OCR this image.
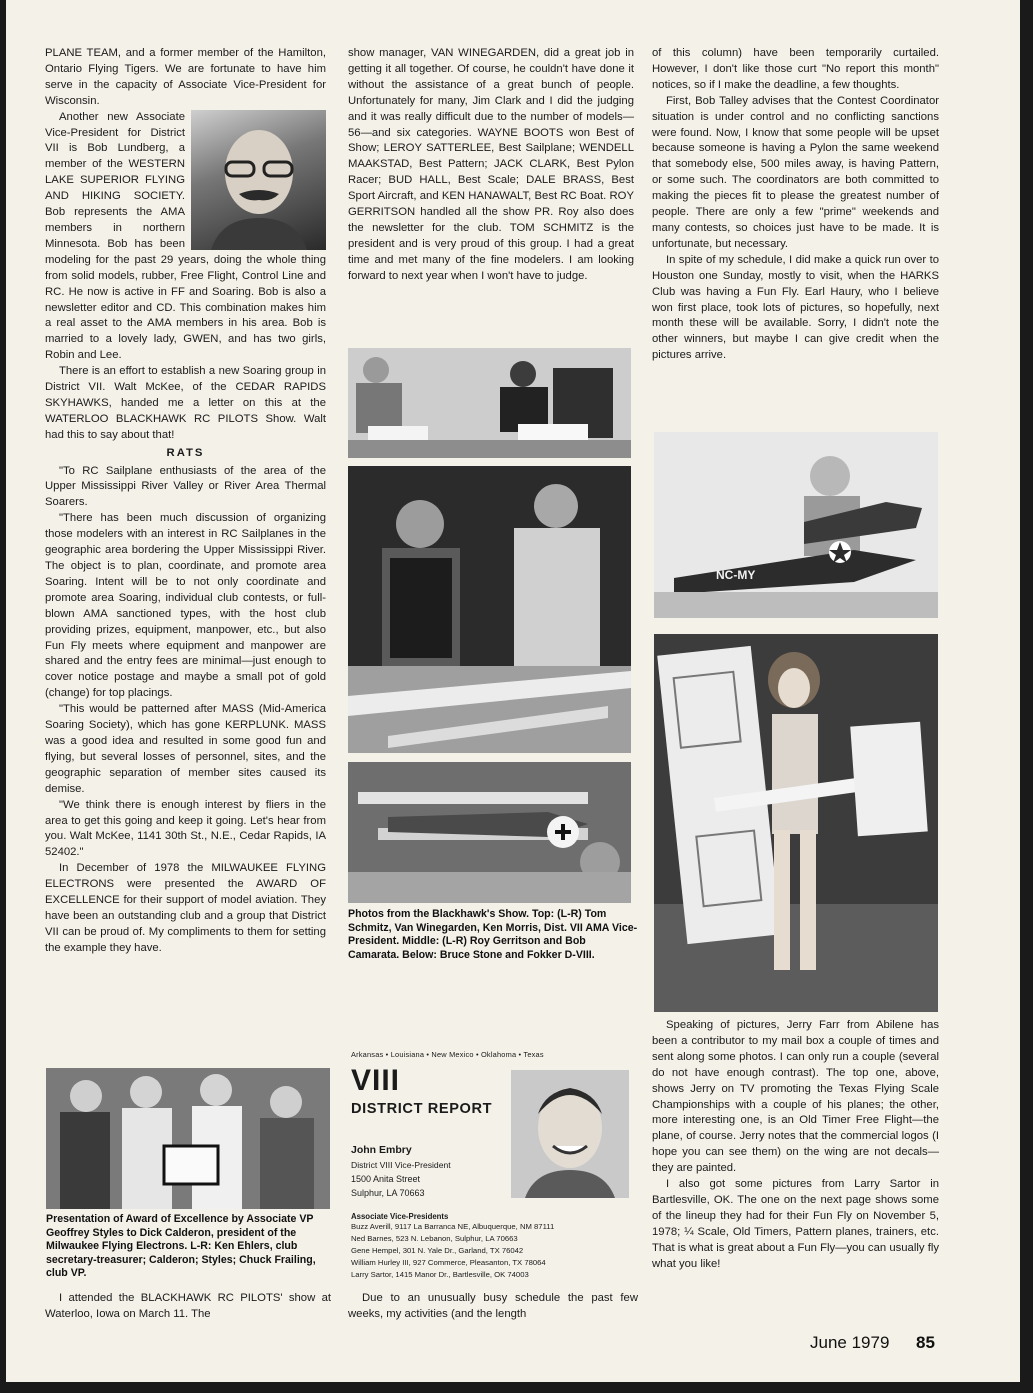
PLANE TEAM, and a former member of the Hamilton, Ontario Flying Tigers. We are fortunate to have him serve in the capacity of Associate Vice-President for Wisconsin.

Another new Associate Vice-President for District VII is Bob Lundberg, a member of the WESTERN LAKE SUPERIOR FLYING AND HIKING SOCIETY. Bob represents the AMA members in northern Minnesota. Bob has been modeling for the past 29 years, doing the whole thing from solid models, rubber, Free Flight, Control Line and RC. He now is active in FF and Soaring. Bob is also a newsletter editor and CD. This combination makes him a real asset to the AMA members in his area. Bob is married to a lovely lady, GWEN, and has two girls, Robin and Lee.

There is an effort to establish a new Soaring group in District VII. Walt McKee, of the CEDAR RAPIDS SKYHAWKS, handed me a letter on this at the WATERLOO BLACKHAWK RC PILOTS Show. Walt had this to say about that!

RATS

"To RC Sailplane enthusiasts of the area of the Upper Mississippi River Valley or River Area Thermal Soarers.

"There has been much discussion of organizing those modelers with an interest in RC Sailplanes in the geographic area bordering the Upper Mississippi River. The object is to plan, coordinate, and promote area Soaring. Intent will be to not only coordinate and promote area Soaring, individual club contests, or full-blown AMA sanctioned types, with the host club providing prizes, equipment, manpower, etc., but also Fun Fly meets where equipment and manpower are shared and the entry fees are minimal—just enough to cover notice postage and maybe a small pot of gold (change) for top placings.

"This would be patterned after MASS (Mid-America Soaring Society), which has gone KERPLUNK. MASS was a good idea and resulted in some good fun and flying, but several losses of personnel, sites, and the geographic separation of member sites caused its demise.

"We think there is enough interest by fliers in the area to get this going and keep it going. Let's hear from you. Walt McKee, 1141 30th St., N.E., Cedar Rapids, IA 52402."

In December of 1978 the MILWAUKEE FLYING ELECTRONS were presented the AWARD OF EXCELLENCE for their support of model aviation. They have been an outstanding club and a group that District VII can be proud of. My compliments to them for setting the example they have.

Presentation of Award of Excellence by Associate VP Geoffrey Styles to Dick Calderon, president of the Milwaukee Flying Electrons. L-R: Ken Ehlers, club secretary-treasurer; Calderon; Styles; Chuck Frailing, club VP.

I attended the BLACKHAWK RC PILOTS' show at Waterloo, Iowa on March 11. The

show manager, VAN WINEGARDEN, did a great job in getting it all together. Of course, he couldn't have done it without the assistance of a great bunch of people. Unfortunately for many, Jim Clark and I did the judging and it was really difficult due to the number of models—56—and six categories. WAYNE BOOTS won Best of Show; LEROY SATTERLEE, Best Sailplane; WENDELL MAAKSTAD, Best Pattern; JACK CLARK, Best Pylon Racer; BUD HALL, Best Scale; DALE BRASS, Best Sport Aircraft, and KEN HANAWALT, Best RC Boat. ROY GERRITSON handled all the show PR. Roy also does the newsletter for the club. TOM SCHMITZ is the president and is very proud of this group. I had a great time and met many of the fine modelers. I am looking forward to next year when I won't have to judge.

Photos from the Blackhawk's Show. Top: (L-R) Tom Schmitz, Van Winegarden, Ken Morris, Dist. VII AMA Vice-President. Middle: (L-R) Roy Gerritson and Bob Camarata. Below: Bruce Stone and Fokker D-VIII.
Arkansas • Louisiana • New Mexico • Oklahoma • Texas
VIII
DISTRICT REPORT
John Embry
District VIII Vice-President
1500 Anita Street
Sulphur, LA 70663
Associate Vice-Presidents
Buzz Averill, 9117 La Barranca NE, Albuquerque, NM 87111
Ned Barnes, 523 N. Lebanon, Sulphur, LA 70663
Gene Hempel, 301 N. Yale Dr., Garland, TX 76042
William Hurley III, 927 Commerce, Pleasanton, TX 78064
Larry Sartor, 1415 Manor Dr., Bartlesville, OK 74003

Due to an unusually busy schedule the past few weeks, my activities (and the length

of this column) have been temporarily curtailed. However, I don't like those curt "No report this month" notices, so if I make the deadline, a few thoughts.

First, Bob Talley advises that the Contest Coordinator situation is under control and no conflicting sanctions were found. Now, I know that some people will be upset because someone is having a Pylon the same weekend that somebody else, 500 miles away, is having Pattern, or some such. The coordinators are both committed to making the pieces fit to please the greatest number of people. There are only a few "prime" weekends and many contests, so choices just have to be made. It is unfortunate, but necessary.

In spite of my schedule, I did make a quick run over to Houston one Sunday, mostly to visit, when the HARKS Club was having a Fun Fly. Earl Haury, who I believe won first place, took lots of pictures, so hopefully, next month these will be available. Sorry, I didn't note the other winners, but maybe I can give credit when the pictures arrive.

NC-MY

Speaking of pictures, Jerry Farr from Abilene has been a contributor to my mail box a couple of times and sent along some photos. I can only run a couple (several do not have enough contrast). The top one, above, shows Jerry on TV promoting the Texas Flying Scale Championships with a couple of his planes; the other, more interesting one, is an Old Timer Free Flight—the plane, of course. Jerry notes that the commercial logos (I hope you can see them) on the wing are not decals—they are painted.

I also got some pictures from Larry Sartor in Bartlesville, OK. The one on the next page shows some of the lineup they had for their Fun Fly on November 5, 1978; ¼ Scale, Old Timers, Pattern planes, trainers, etc. That is what is great about a Fun Fly—you can usually fly what you like!

June 1979 85
